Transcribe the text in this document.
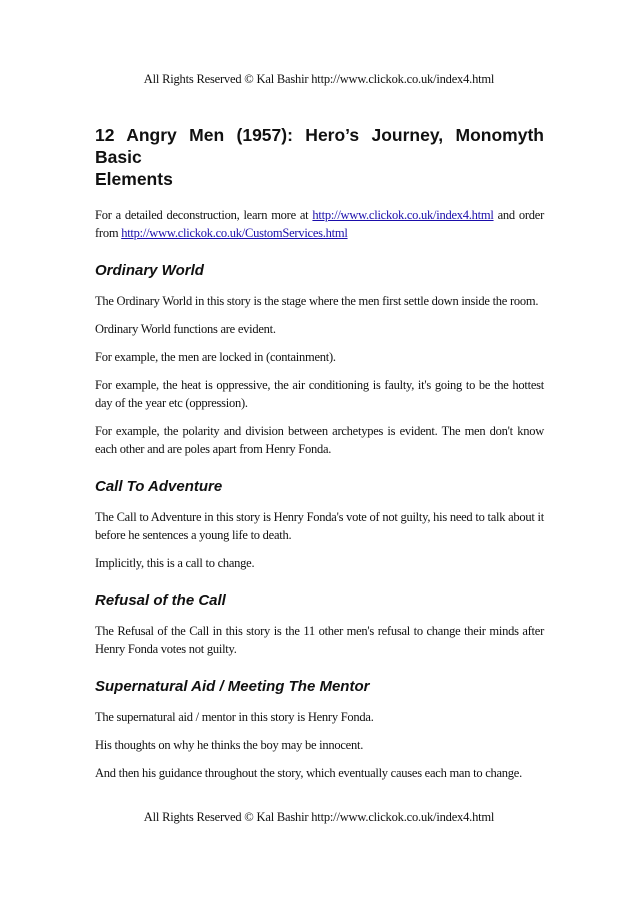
All Rights Reserved © Kal Bashir http://www.clickok.co.uk/index4.html
12 Angry Men (1957): Hero’s Journey, Monomyth Basic
Elements

For a detailed deconstruction, learn more at http://www.clickok.co.uk/index4.html and order from http://www.clickok.co.uk/CustomServices.html

Ordinary World

The Ordinary World in this story is the stage where the men first settle down inside the room.

Ordinary World functions are evident.

For example, the men are locked in (containment).

For example, the heat is oppressive, the air conditioning is faulty, it's going to be the hottest day of the year etc (oppression).

For example, the polarity and division between archetypes is evident. The men don't know each other and are poles apart from Henry Fonda.

Call To Adventure

The Call to Adventure in this story is Henry Fonda's vote of not guilty, his need to talk about it before he sentences a young life to death.

Implicitly, this is a call to change.

Refusal of the Call

The Refusal of the Call in this story is the 11 other men's refusal to change their minds after Henry Fonda votes not guilty.

Supernatural Aid / Meeting The Mentor

The supernatural aid / mentor in this story is Henry Fonda.

His thoughts on why he thinks the boy may be innocent.

And then his guidance throughout the story, which eventually causes each man to change.

All Rights Reserved © Kal Bashir http://www.clickok.co.uk/index4.html
